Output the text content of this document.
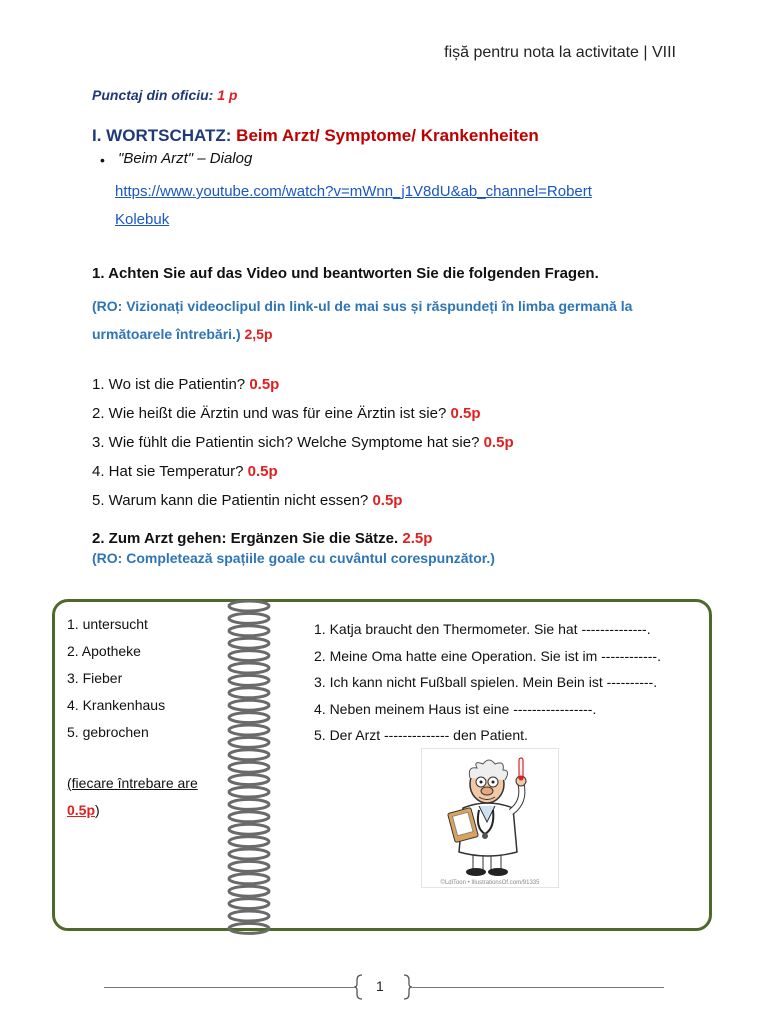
fișă pentru nota la activitate | VIII
Punctaj din oficiu: 1 p
I. WORTSCHATZ: Beim Arzt/ Symptome/ Krankenheiten
• "Beim Arzt" – Dialog
https://www.youtube.com/watch?v=mWnn_j1V8dU&ab_channel=Robert
Kolebuk
1. Achten Sie auf das Video und beantworten Sie die folgenden Fragen.
(RO: Vizionați videoclipul din link-ul de mai sus și răspundeți în limba germană la următoarele întrebări.) 2,5p
1. Wo ist die Patientin? 0.5p
2. Wie heißt die Ärztin und was für eine Ärztin ist sie? 0.5p
3. Wie fühlt die Patientin sich? Welche Symptome hat sie? 0.5p
4. Hat sie Temperatur? 0.5p
5. Warum kann die Patientin nicht essen? 0.5p
2. Zum Arzt gehen: Ergänzen Sie die Sätze. 2.5p
(RO: Completează spațiile goale cu cuvântul corespunzător.)
1. untersucht
2. Apotheke
3. Fieber
4. Krankenhaus
5. gebrochen
(fiecare întrebare are
0.5p)
1. Katja braucht den Thermometer. Sie hat --------------.
2. Meine Oma hatte eine Operation. Sie ist im ------------.
3. Ich kann nicht Fußball spielen. Mein Bein ist ----------.
4. Neben meinem Haus ist eine -----------------.
5. Der Arzt -------------- den Patient.
©LdlToon • IllustrationsOf.com/91335
1
